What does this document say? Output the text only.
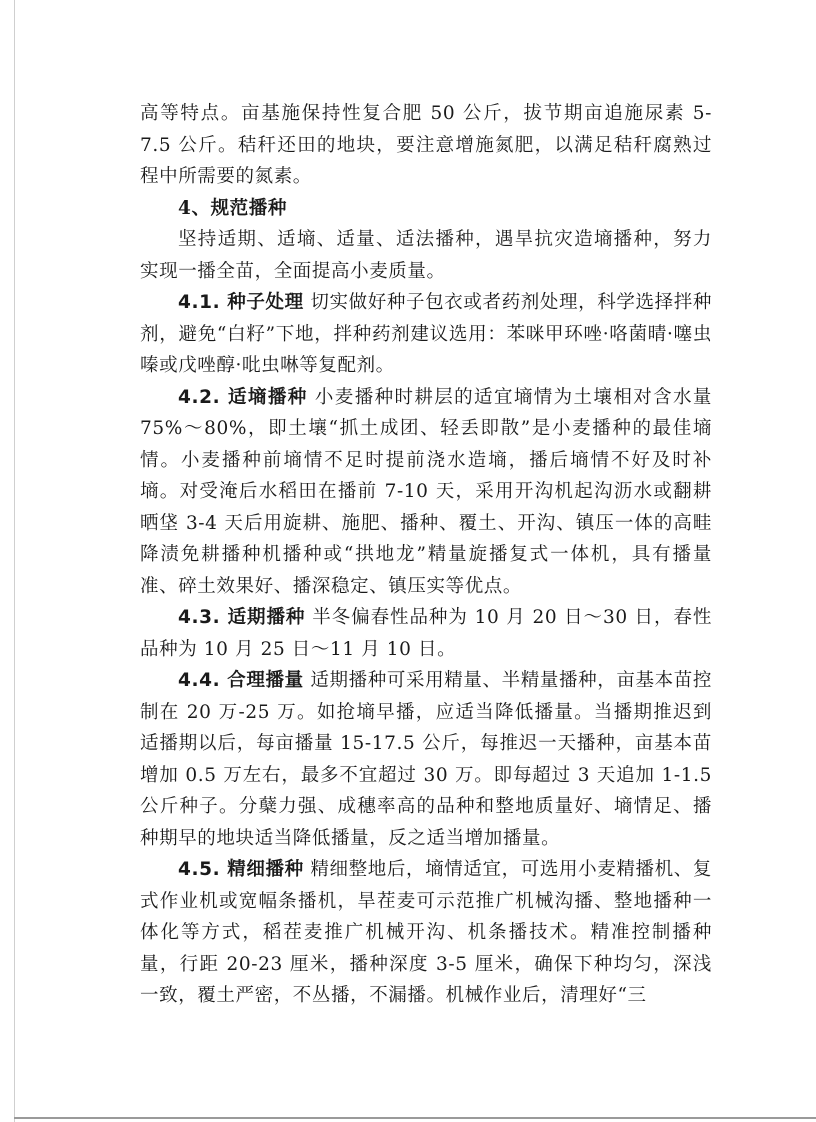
高等特点。亩基施保持性复合肥 50 公斤，拔节期亩追施尿素 5-7.5 公斤。秸秆还田的地块，要注意增施氮肥，以满足秸秆腐熟过程中所需要的氮素。

4、规范播种

坚持适期、适墒、适量、适法播种，遇旱抗灾造墒播种，努力实现一播全苗，全面提高小麦质量。

4.1. 种子处理 切实做好种子包衣或者药剂处理，科学选择拌种剂，避免“白籽”下地，拌种药剂建议选用：苯咪甲环唑·咯菌晴·噻虫嗪或戊唑醇·吡虫啉等复配剂。

4.2. 适墒播种 小麦播种时耕层的适宜墒情为土壤相对含水量 75%～80%，即土壤“抓土成团、轻丢即散”是小麦播种的最佳墒情。小麦播种前墒情不足时提前浇水造墒，播后墒情不好及时补墒。对受淹后水稻田在播前 7-10 天，采用开沟机起沟沥水或翻耕晒垡 3-4 天后用旋耕、施肥、播种、覆土、开沟、镇压一体的高畦降渍免耕播种机播种或“拱地龙”精量旋播复式一体机，具有播量准、碎土效果好、播深稳定、镇压实等优点。

4.3. 适期播种 半冬偏春性品种为 10 月 20 日～30 日，春性品种为 10 月 25 日～11 月 10 日。

4.4. 合理播量 适期播种可采用精量、半精量播种，亩基本苗控制在 20 万-25 万。如抢墒早播，应适当降低播量。当播期推迟到适播期以后，每亩播量 15-17.5 公斤，每推迟一天播种，亩基本苗增加 0.5 万左右，最多不宜超过 30 万。即每超过 3 天追加 1-1.5 公斤种子。分蘖力强、成穗率高的品种和整地质量好、墒情足、播种期早的地块适当降低播量，反之适当增加播量。

4.5. 精细播种 精细整地后，墒情适宜，可选用小麦精播机、复式作业机或宽幅条播机，旱茬麦可示范推广机械沟播、整地播种一体化等方式，稻茬麦推广机械开沟、机条播技术。精准控制播种量，行距 20-23 厘米，播种深度 3-5 厘米，确保下种均匀，深浅一致，覆土严密，不丛播，不漏播。机械作业后，清理好“三
